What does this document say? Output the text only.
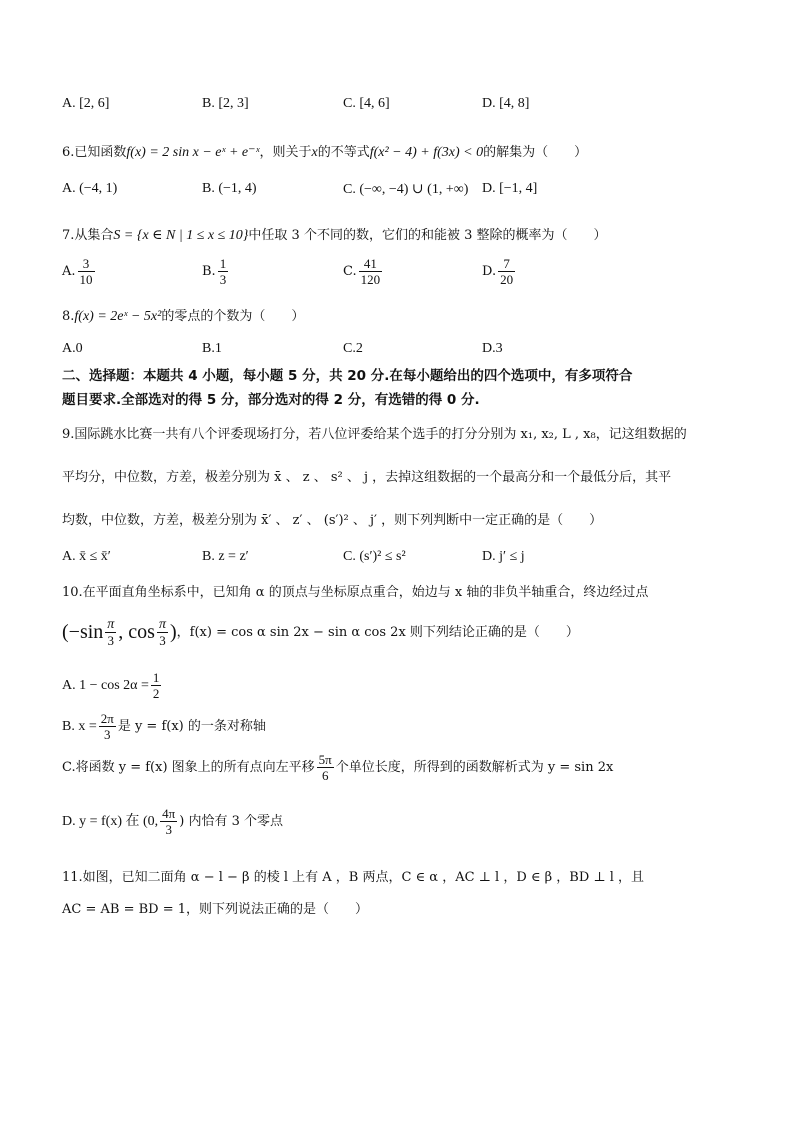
A. [2, 6]	B. [2, 3]	C. [4, 6]	D. [4, 8]
6.已知函数f(x) = 2 sin x − eˣ + e⁻ˣ，则关于x的不等式f(x² − 4) + f(3x) < 0的解集为（　　）
A. (−4, 1)	B. (−1, 4)	C. (−∞, −4) ∪ (1, +∞) D. [−1, 4]
7.从集合S = {x ∈ N | 1 ≤ x ≤ 10}中任取 3 个不同的数，它们的和能被 3 整除的概率为（　　）
A. $\frac{3}{10}$	B. $\frac{1}{3}$	C. $\frac{41}{120}$	D. $\frac{7}{20}$
8.f(x) = 2eˣ − 5x²的零点的个数为（　　）
A.0	B.1	C.2	D.3
二、选择题：本题共 4 小题，每小题 5 分，共 20 分.在每小题给出的四个选项中，有多项符合
题目要求.全部选对的得 5 分，部分选对的得 2 分，有选错的得 0 分.
9.国际跳水比赛一共有八个评委现场打分，若八位评委给某个选手的打分分别为 x₁, x₂, L , x₈，记这组数据的
平均分，中位数，方差，极差分别为 x̄ 、 z 、 s² 、 j ，去掉这组数据的一个最高分和一个最低分后，其平
均数，中位数，方差，极差分别为 x̄′ 、 z′ 、 (s′)² 、 j′ ，则下列判断中一定正确的是（　　）
A. x̄ ≤ x̄′	B. z = z′	C. (s′)² ≤ s²	D. j′ ≤ j
10.在平面直角坐标系中，已知角 α 的顶点与坐标原点重合，始边与 x 轴的非负半轴重合，终边经过点
($-\sin \frac{\pi}{3}$ , $\cos \frac{\pi}{3}$ )，f(x) = cos α sin 2x − sin α cos 2x 则下列结论正确的是（　　）
A. $1 - \cos 2\alpha = \frac{1}{2}$
B. $x = \frac{2\pi}{3}$ 是 y = f(x) 的一条对称轴
C.将函数 y = f(x) 图象上的所有点向左平移 $\frac{5\pi}{6}$ 个单位长度，所得到的函数解析式为 y = sin 2x
D. y = f(x) 在 (0, $\frac{4\pi}{3}$ ) 内恰有 3 个零点
11.如图，已知二面角 α − l − β 的棱 l 上有 A ，B 两点，C ∈ α ，AC ⊥ l ，D ∈ β ，BD ⊥ l ，且
AC = AB = BD = 1，则下列说法正确的是（　　）
